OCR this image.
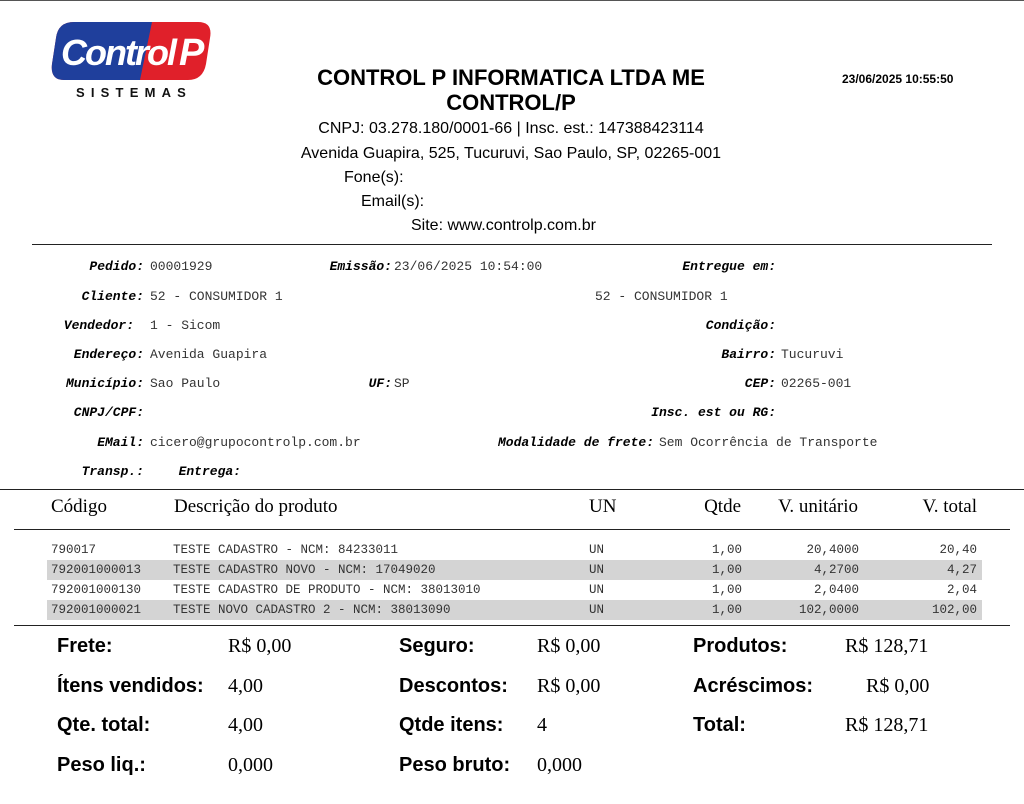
Control P
SISTEMAS
CONTROL P INFORMATICA LTDA ME
CONTROL/P
23/06/2025 10:55:50
CNPJ: 03.278.180/0001-66 | Insc. est.: 147388423114
Avenida Guapira, 525, Tucuruvi, Sao Paulo, SP, 02265-001
Fone(s):
Email(s):
Site: www.controlp.com.br
Pedido: 00001929	Emissão: 23/06/2025 10:54:00	Entregue em:
Cliente: 52 - CONSUMIDOR 1	52 - CONSUMIDOR 1
Vendedor: 1 - Sicom	Condição:
Endereço: Avenida Guapira	Bairro: Tucuruvi
Município: Sao Paulo	UF: SP	CEP: 02265-001
CNPJ/CPF:	Insc. est ou RG:
EMail: cicero@grupocontrolp.com.br	Modalidade de frete: Sem Ocorrência de Transporte
Transp.:	Entrega:
Código	Descrição do produto	UN	Qtde V. unitário	V. total
790017	TESTE CADASTRO - NCM: 84233011	UN	1,00	20,4000	20,40
792001000013	TESTE CADASTRO NOVO - NCM: 17049020	UN	1,00	4,2700	4,27
792001000130	TESTE CADASTRO DE PRODUTO - NCM: 38013010	UN	1,00	2,0400	2,04
792001000021	TESTE NOVO CADASTRO 2 - NCM: 38013090	UN	1,00	102,0000	102,00
Frete:	R$ 0,00	Seguro:	R$ 0,00	Produtos:	R$ 128,71
Ítens vendidos: 4,00	Descontos: R$ 0,00	Acréscimos:	R$ 0,00
Qte. total:	4,00	Qtde itens: 4	Total:	R$ 128,71
Peso liq.:	0,000	Peso bruto: 0,000
